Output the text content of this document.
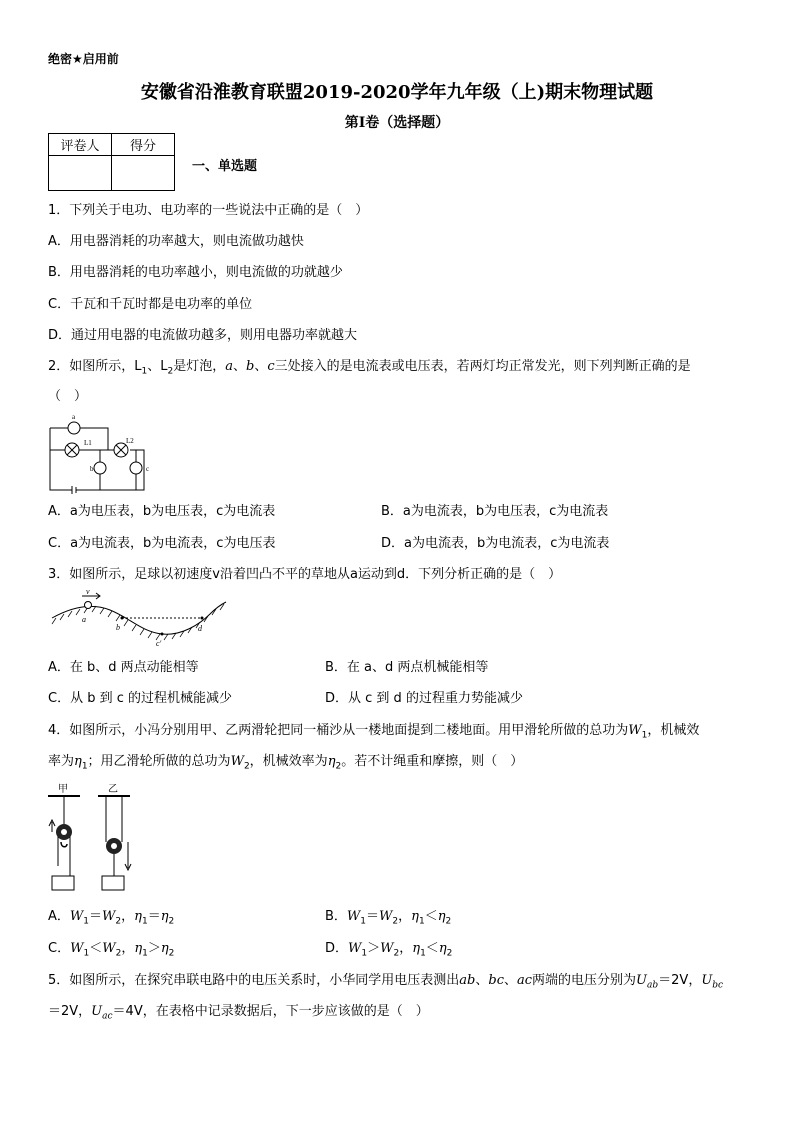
绝密★启用前
安徽省沿淮教育联盟2019-2020学年九年级（上)期末物理试题
第I卷（选择题）
评卷人	得分

一、单选题
1．下列关于电功、电功率的一些说法中正确的是（　）
A．用电器消耗的功率越大，则电流做功越快
B．用电器消耗的电功率越小，则电流做的功就越少
C．千瓦和千瓦时都是电功率的单位
D．通过用电器的电流做功越多，则用电器功率就越大
2．如图所示，$L_1$、$L_2$是灯泡，a、b、c三处接入的是电流表或电压表，若两灯均正常发光，则下列判断正确的是
（　）
a
L1	L2
b	c
A．a为电压表，b为电压表，c为电流表	B．a为电流表，b为电压表，c为电流表
C．a为电流表，b为电流表，c为电压表	D．a为电流表，b为电流表，c为电流表
3．如图所示，足球以初速度v沿着凹凸不平的草地从a运动到d．下列分析正确的是（　）
v
a
b
c'
d
A．在 b、d 两点动能相等	B．在 a、d 两点机械能相等
C．从 b 到 c 的过程机械能减少	D．从 c 到 d 的过程重力势能减少
4．如图所示，小冯分别用甲、乙两滑轮把同一桶沙从一楼地面提到二楼地面。用甲滑轮所做的总功为$W_1$，机械效
率为$\eta_1$；用乙滑轮所做的总功为$W_2$，机械效率为$\eta_2$。若不计绳重和摩擦，则（　）
甲	乙
A．$W_1=W_2$，$\eta_1=\eta_2$	B．$W_1=W_2$，$\eta_1<\eta_2$
C．$W_1<W_2$，$\eta_1>\eta_2$	D．$W_1>W_2$，$\eta_1<\eta_2$
5．如图所示，在探究串联电路中的电压关系时，小华同学用电压表测出ab、bc、ac两端的电压分别为$U_{ab}=2V$，$U_{bc}$
＝2V，$U_{ac}=4V$，在表格中记录数据后，下一步应该做的是（　）
